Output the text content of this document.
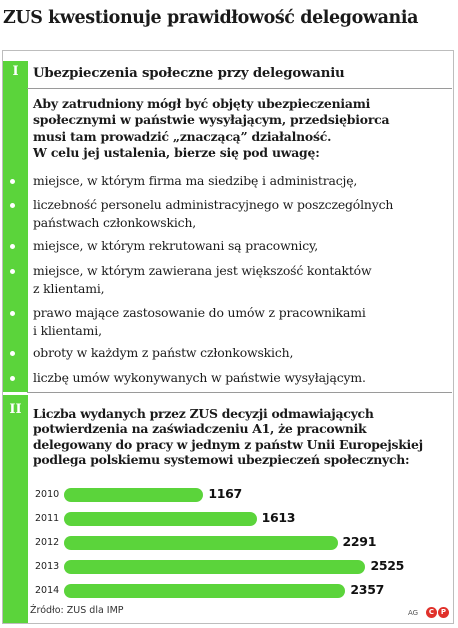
ZUS kwestionuje prawidłowość delegowania
I	Ubezpieczenia społeczne przy delegowaniu
Aby zatrudniony mógł być objęty ubezpieczeniami
społecznymi w państwie wysyłającym, przedsiębiorca
musi tam prowadzić „znaczącą” działalność.
W celu jej ustalenia, bierze się pod uwagę:
miejsce, w którym firma ma siedzibę i administrację,
liczebność personelu administracyjnego w poszczególnych
państwach członkowskich,
miejsce, w którym rekrutowani są pracownicy,
miejsce, w którym zawierana jest większość kontaktów
z klientami,
prawo mające zastosowanie do umów z pracownikami
i klientami,
obroty w każdym z państw członkowskich,
liczbę umów wykonywanych w państwie wysyłającym.
II Liczba wydanych przez ZUS decyzji odmawiających
potwierdzenia na zaświadczeniu A1, że pracownik
delegowany do pracy w jednym z państw Unii Europejskiej
podlega polskiemu systemowi ubezpieczeń społecznych:
2010	1167
2011	1613
2012	2291
2013	2525
2014	2357
Źródło: ZUS dla IMP	AG	C P
